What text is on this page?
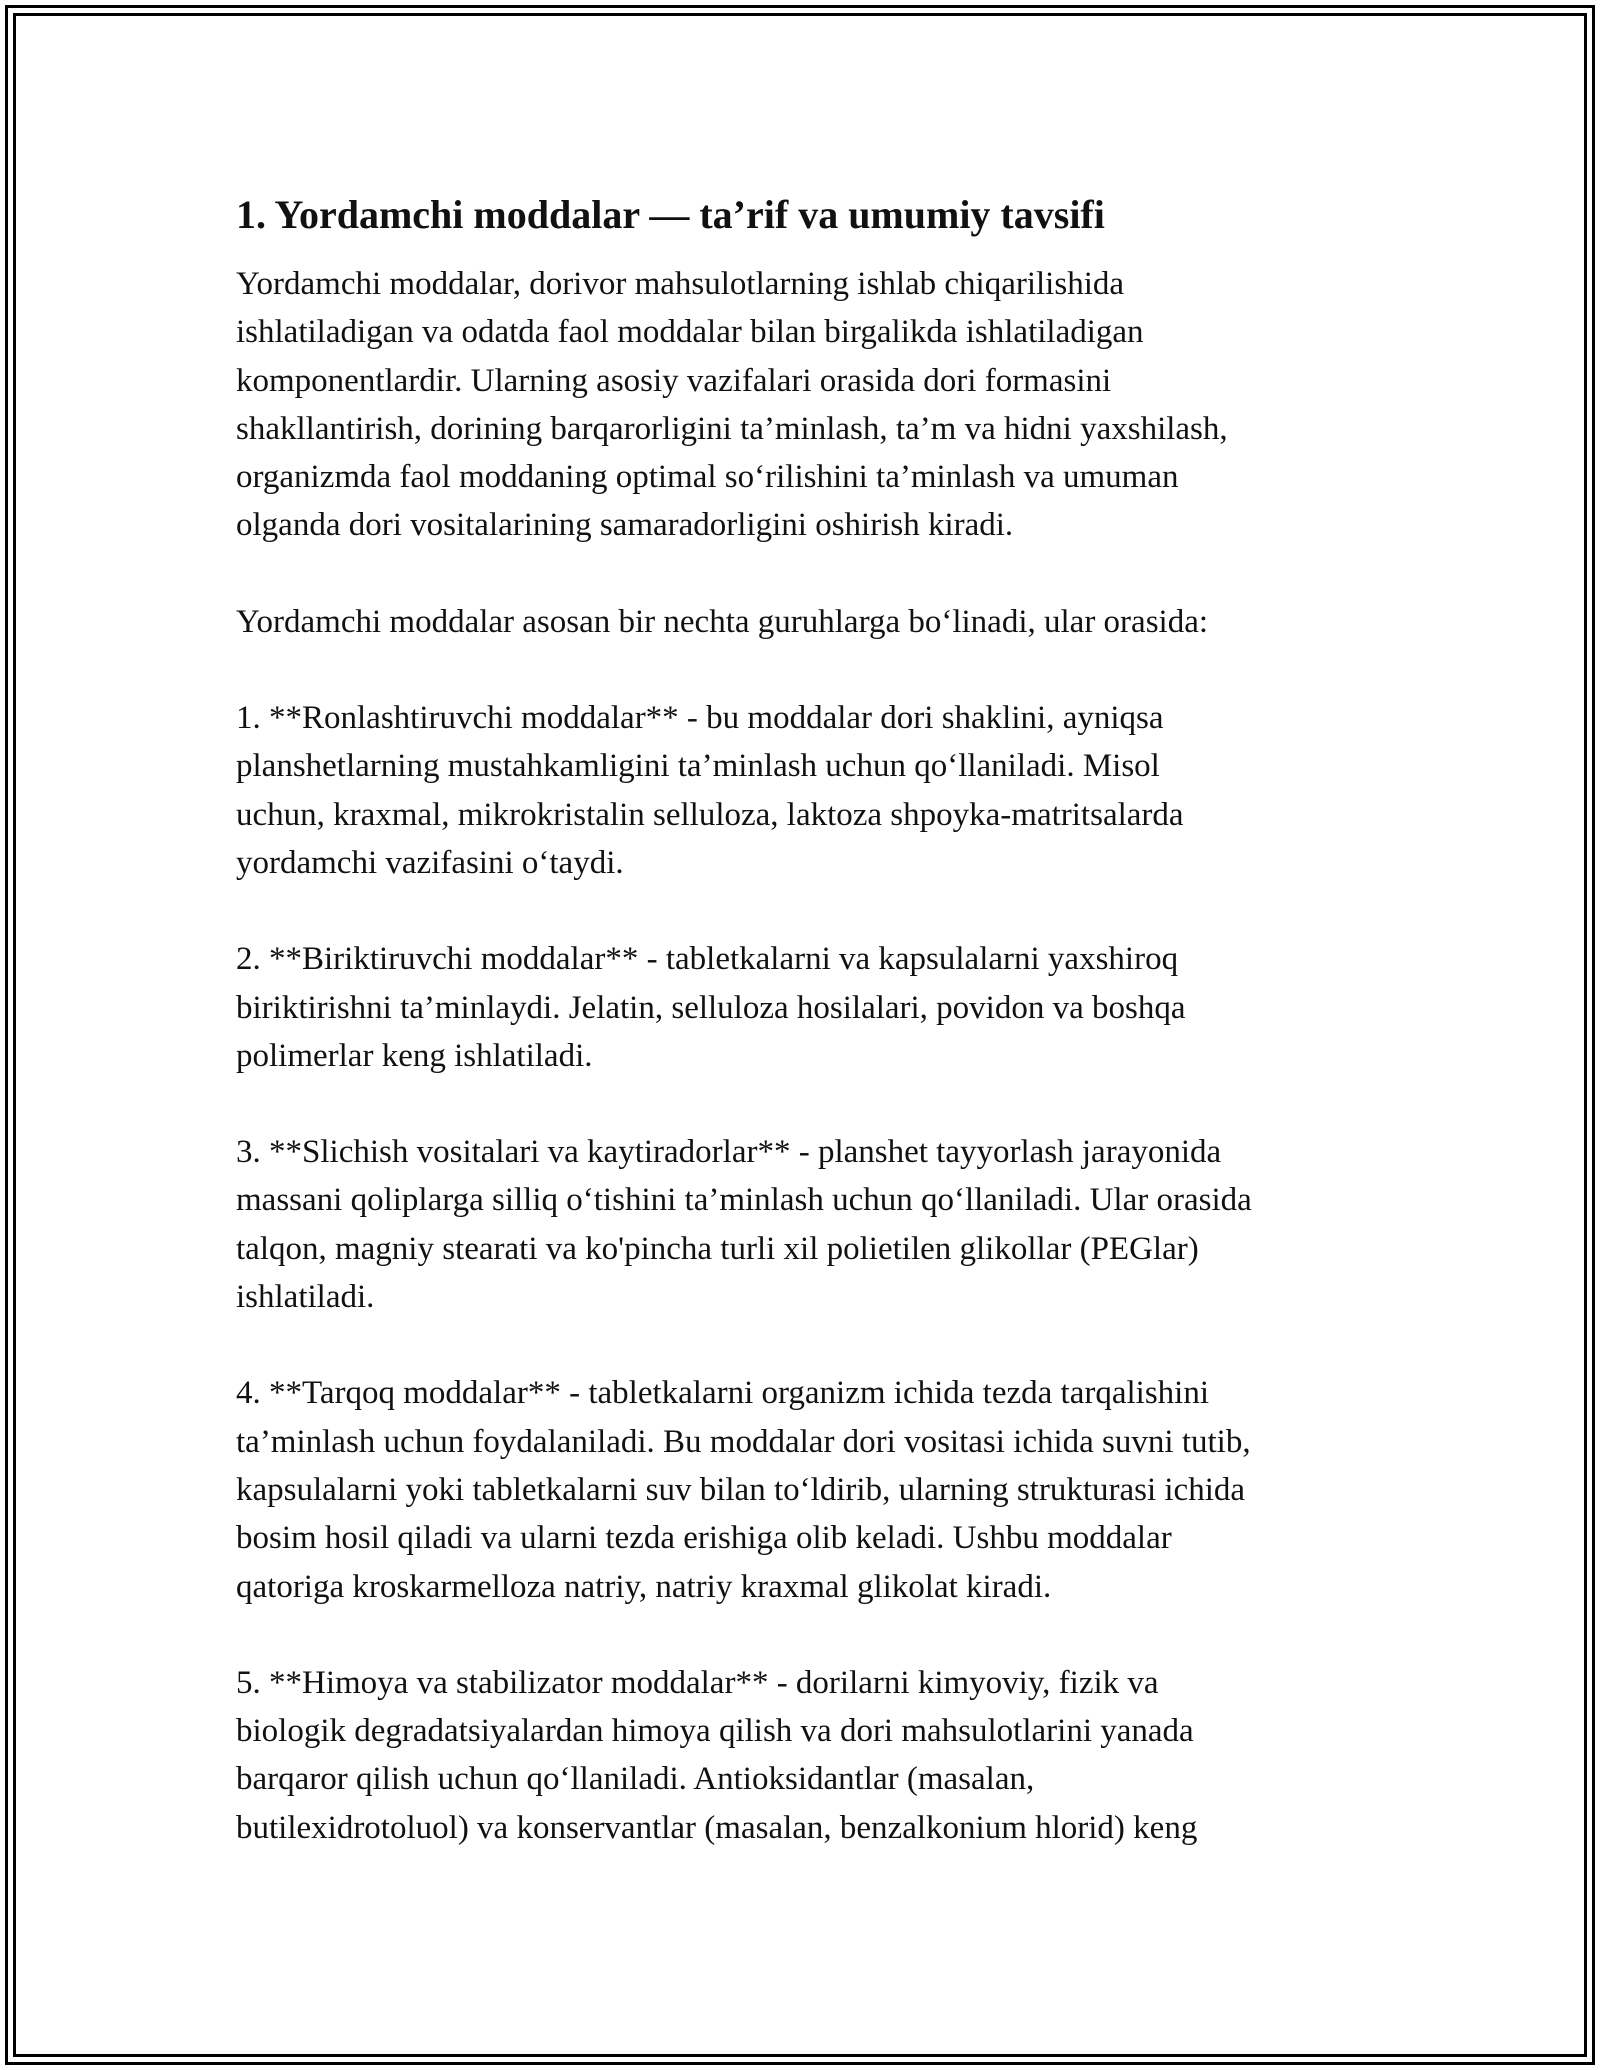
1. Yordamchi moddalar — ta’rif va umumiy tavsifi

Yordamchi moddalar, dorivor mahsulotlarning ishlab chiqarilishida
ishlatiladigan va odatda faol moddalar bilan birgalikda ishlatiladigan
komponentlardir. Ularning asosiy vazifalari orasida dori formasini
shakllantirish, dorining barqarorligini ta’minlash, ta’m va hidni yaxshilash,
organizmda faol moddaning optimal so‘rilishini ta’minlash va umuman
olganda dori vositalarining samaradorligini oshirish kiradi.

Yordamchi moddalar asosan bir nechta guruhlarga bo‘linadi, ular orasida:

1. **Ronlashtiruvchi moddalar** - bu moddalar dori shaklini, ayniqsa
planshetlarning mustahkamligini ta’minlash uchun qo‘llaniladi. Misol
uchun, kraxmal, mikrokristalin selluloza, laktoza shpoyka-matritsalarda
yordamchi vazifasini o‘taydi.

2. **Biriktiruvchi moddalar** - tabletkalarni va kapsulalarni yaxshiroq
biriktirishni ta’minlaydi. Jelatin, selluloza hosilalari, povidon va boshqa
polimerlar keng ishlatiladi.

3. **Slichish vositalari va kaytiradorlar** - planshet tayyorlash jarayonida
massani qoliplarga silliq o‘tishini ta’minlash uchun qo‘llaniladi. Ular orasida
talqon, magniy stearati va ko'pincha turli xil polietilen glikollar (PEGlar)
ishlatiladi.

4. **Tarqoq moddalar** - tabletkalarni organizm ichida tezda tarqalishini
ta’minlash uchun foydalaniladi. Bu moddalar dori vositasi ichida suvni tutib,
kapsulalarni yoki tabletkalarni suv bilan to‘ldirib, ularning strukturasi ichida
bosim hosil qiladi va ularni tezda erishiga olib keladi. Ushbu moddalar
qatoriga kroskarmelloza natriy, natriy kraxmal glikolat kiradi.

5. **Himoya va stabilizator moddalar** - dorilarni kimyoviy, fizik va
biologik degradatsiyalardan himoya qilish va dori mahsulotlarini yanada
barqaror qilish uchun qo‘llaniladi. Antioksidantlar (masalan,
butilexidrotoluol) va konservantlar (masalan, benzalkonium hlorid) keng
